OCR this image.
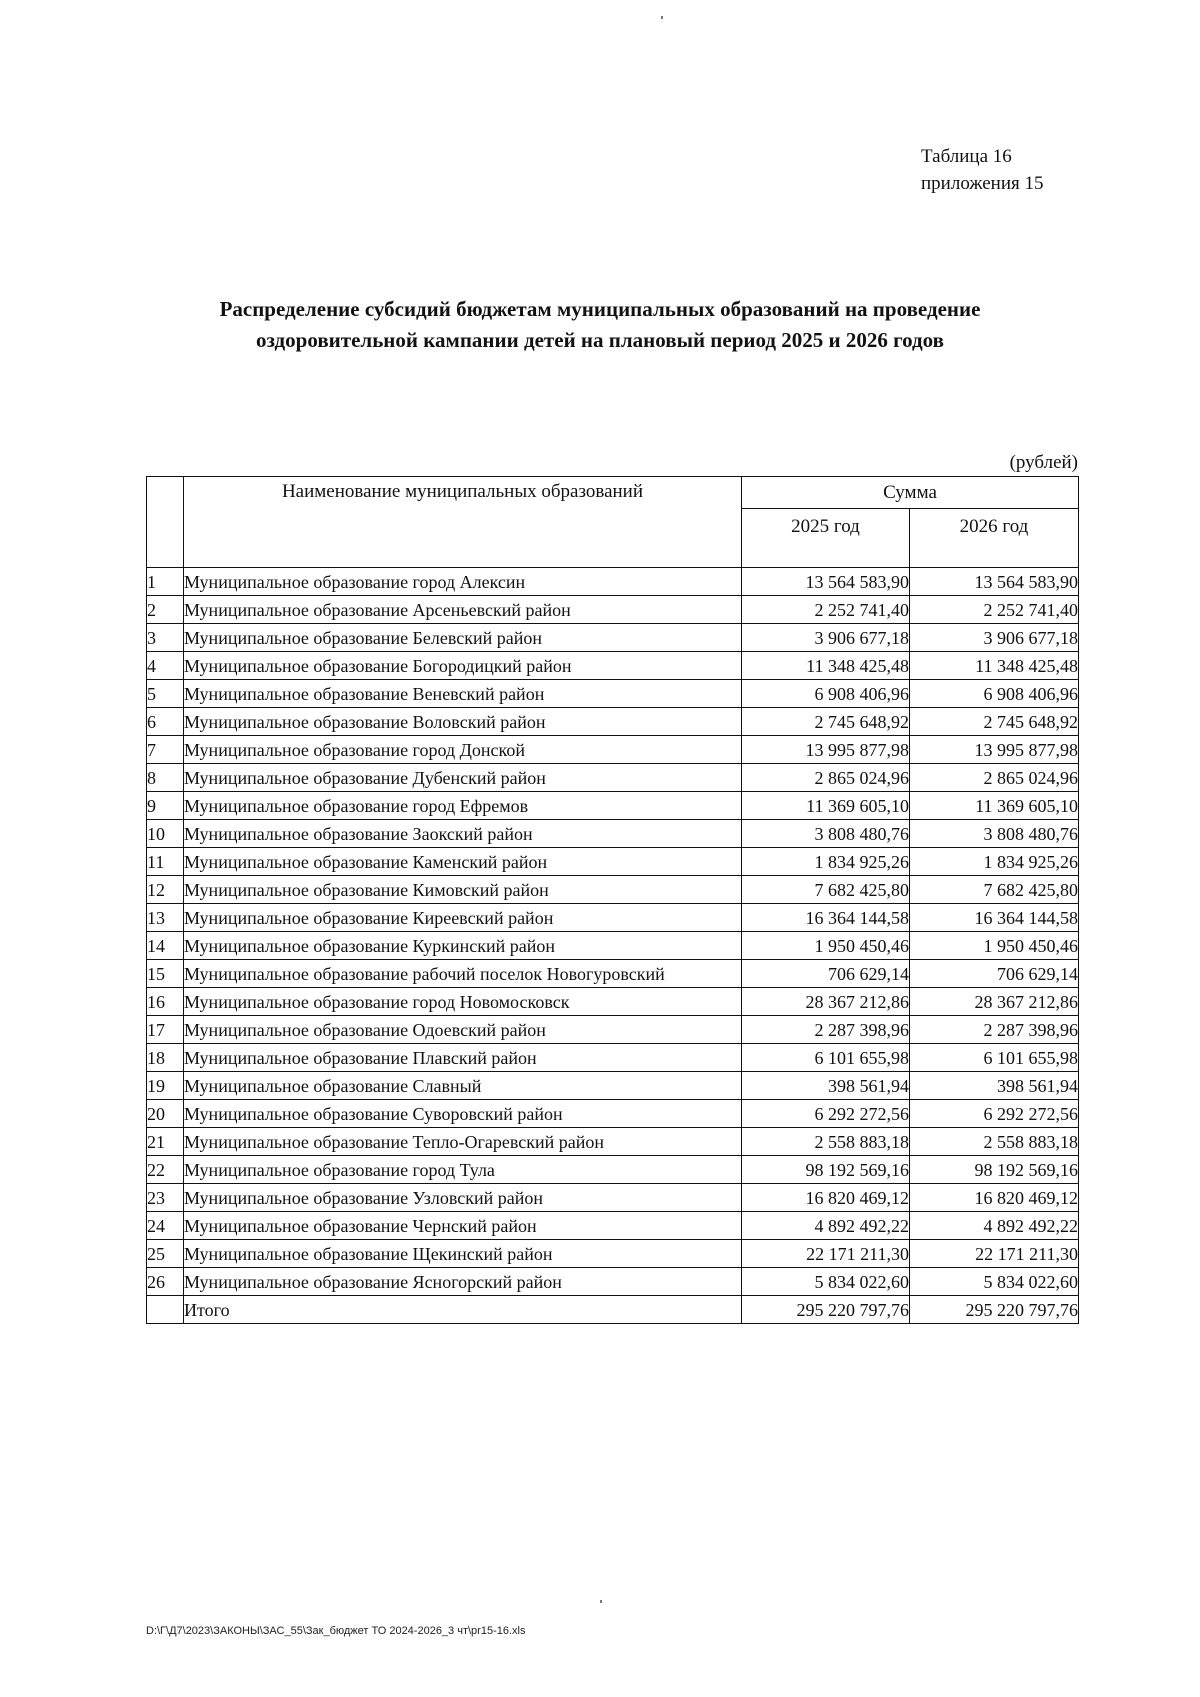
Таблица 16
приложения 15
Распределение субсидий бюджетам муниципальных образований на проведение
оздоровительной кампании детей на плановый период 2025 и 2026 годов
(рублей)
	Наименование муниципальных образований	Сумма	
		2025 год	2026 год
1	Муниципальное образование город Алексин	13 564 583,90	13 564 583,90
2	Муниципальное образование Арсеньевский район	2 252 741,40	2 252 741,40
3	Муниципальное образование Белевский район	3 906 677,18	3 906 677,18
4	Муниципальное образование Богородицкий район	11 348 425,48	11 348 425,48
5	Муниципальное образование Веневский район	6 908 406,96	6 908 406,96
6	Муниципальное образование Воловский район	2 745 648,92	2 745 648,92
7	Муниципальное образование город Донской	13 995 877,98	13 995 877,98
8	Муниципальное образование Дубенский район	2 865 024,96	2 865 024,96
9	Муниципальное образование город Ефремов	11 369 605,10	11 369 605,10
10	Муниципальное образование Заокский район	3 808 480,76	3 808 480,76
11	Муниципальное образование Каменский район	1 834 925,26	1 834 925,26
12	Муниципальное образование Кимовский район	7 682 425,80	7 682 425,80
13	Муниципальное образование Киреевский район	16 364 144,58	16 364 144,58
14	Муниципальное образование Куркинский район	1 950 450,46	1 950 450,46
15	Муниципальное образование рабочий поселок Новогуровский	706 629,14	706 629,14
16	Муниципальное образование город Новомосковск	28 367 212,86	28 367 212,86
17	Муниципальное образование Одоевский район	2 287 398,96	2 287 398,96
18	Муниципальное образование Плавский район	6 101 655,98	6 101 655,98
19	Муниципальное образование Славный	398 561,94	398 561,94
20	Муниципальное образование Суворовский район	6 292 272,56	6 292 272,56
21	Муниципальное образование Тепло-Огаревский район	2 558 883,18	2 558 883,18
22	Муниципальное образование город Тула	98 192 569,16	98 192 569,16
23	Муниципальное образование Узловский район	16 820 469,12	16 820 469,12
24	Муниципальное образование Чернский район	4 892 492,22	4 892 492,22
25	Муниципальное образование Щекинский район	22 171 211,30	22 171 211,30
26	Муниципальное образование Ясногорский район	5 834 022,60	5 834 022,60
	Итого	295 220 797,76	295 220 797,76
D:\Г\Д7\2023\ЗАКОНЫ\ЗАС_55\Зак_бюджет ТО 2024-2026_3 чт\pr15-16.xls
